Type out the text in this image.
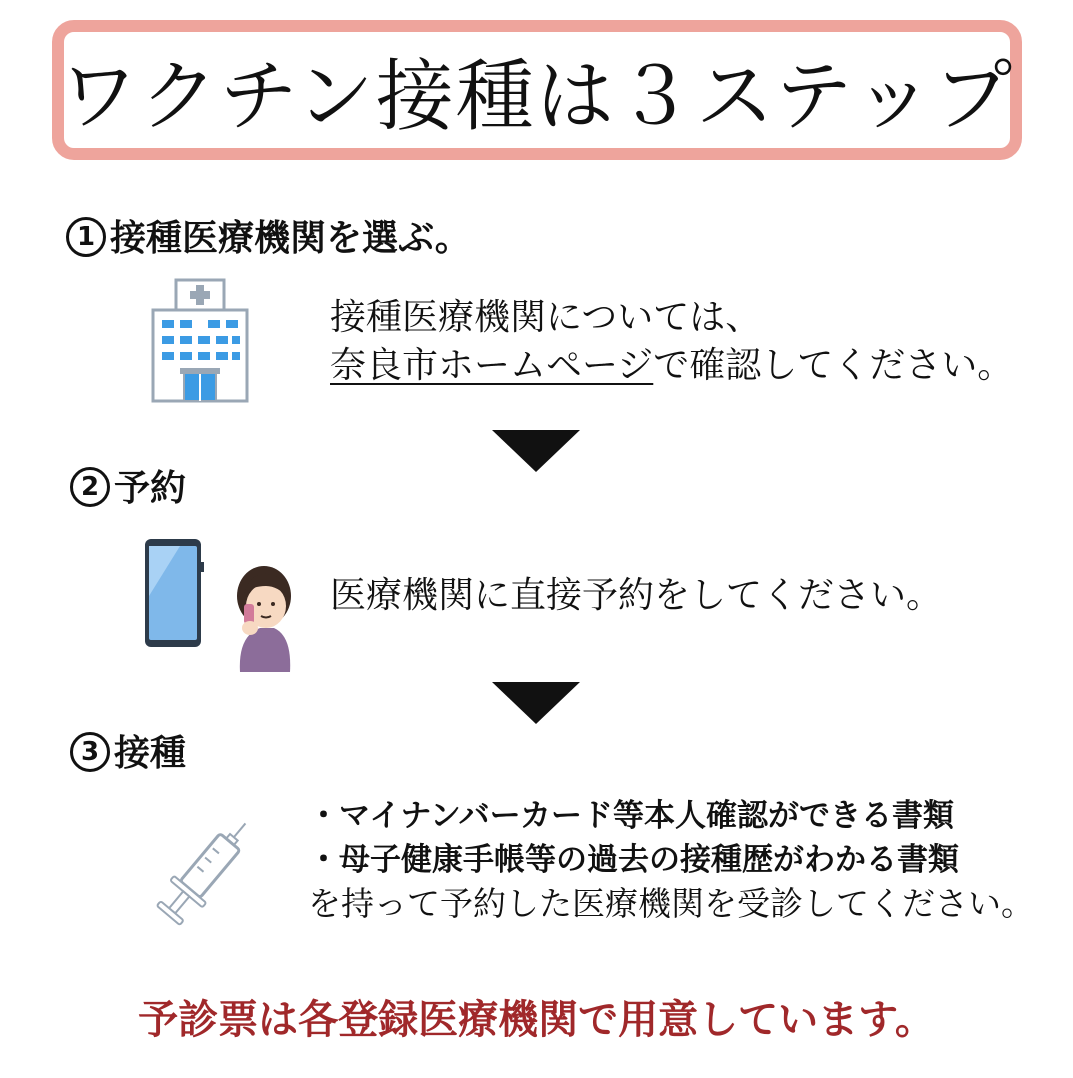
ワクチン接種は３ステップ
1 接種医療機関を選ぶ。
接種医療機関については、
奈良市ホームページで確認してください。
2 予約
医療機関に直接予約をしてください。
3 接種
・マイナンバーカード等本人確認ができる書類
・母子健康手帳等の過去の接種歴がわかる書類
を持って予約した医療機関を受診してください。
予診票は各登録医療機関で用意しています。
